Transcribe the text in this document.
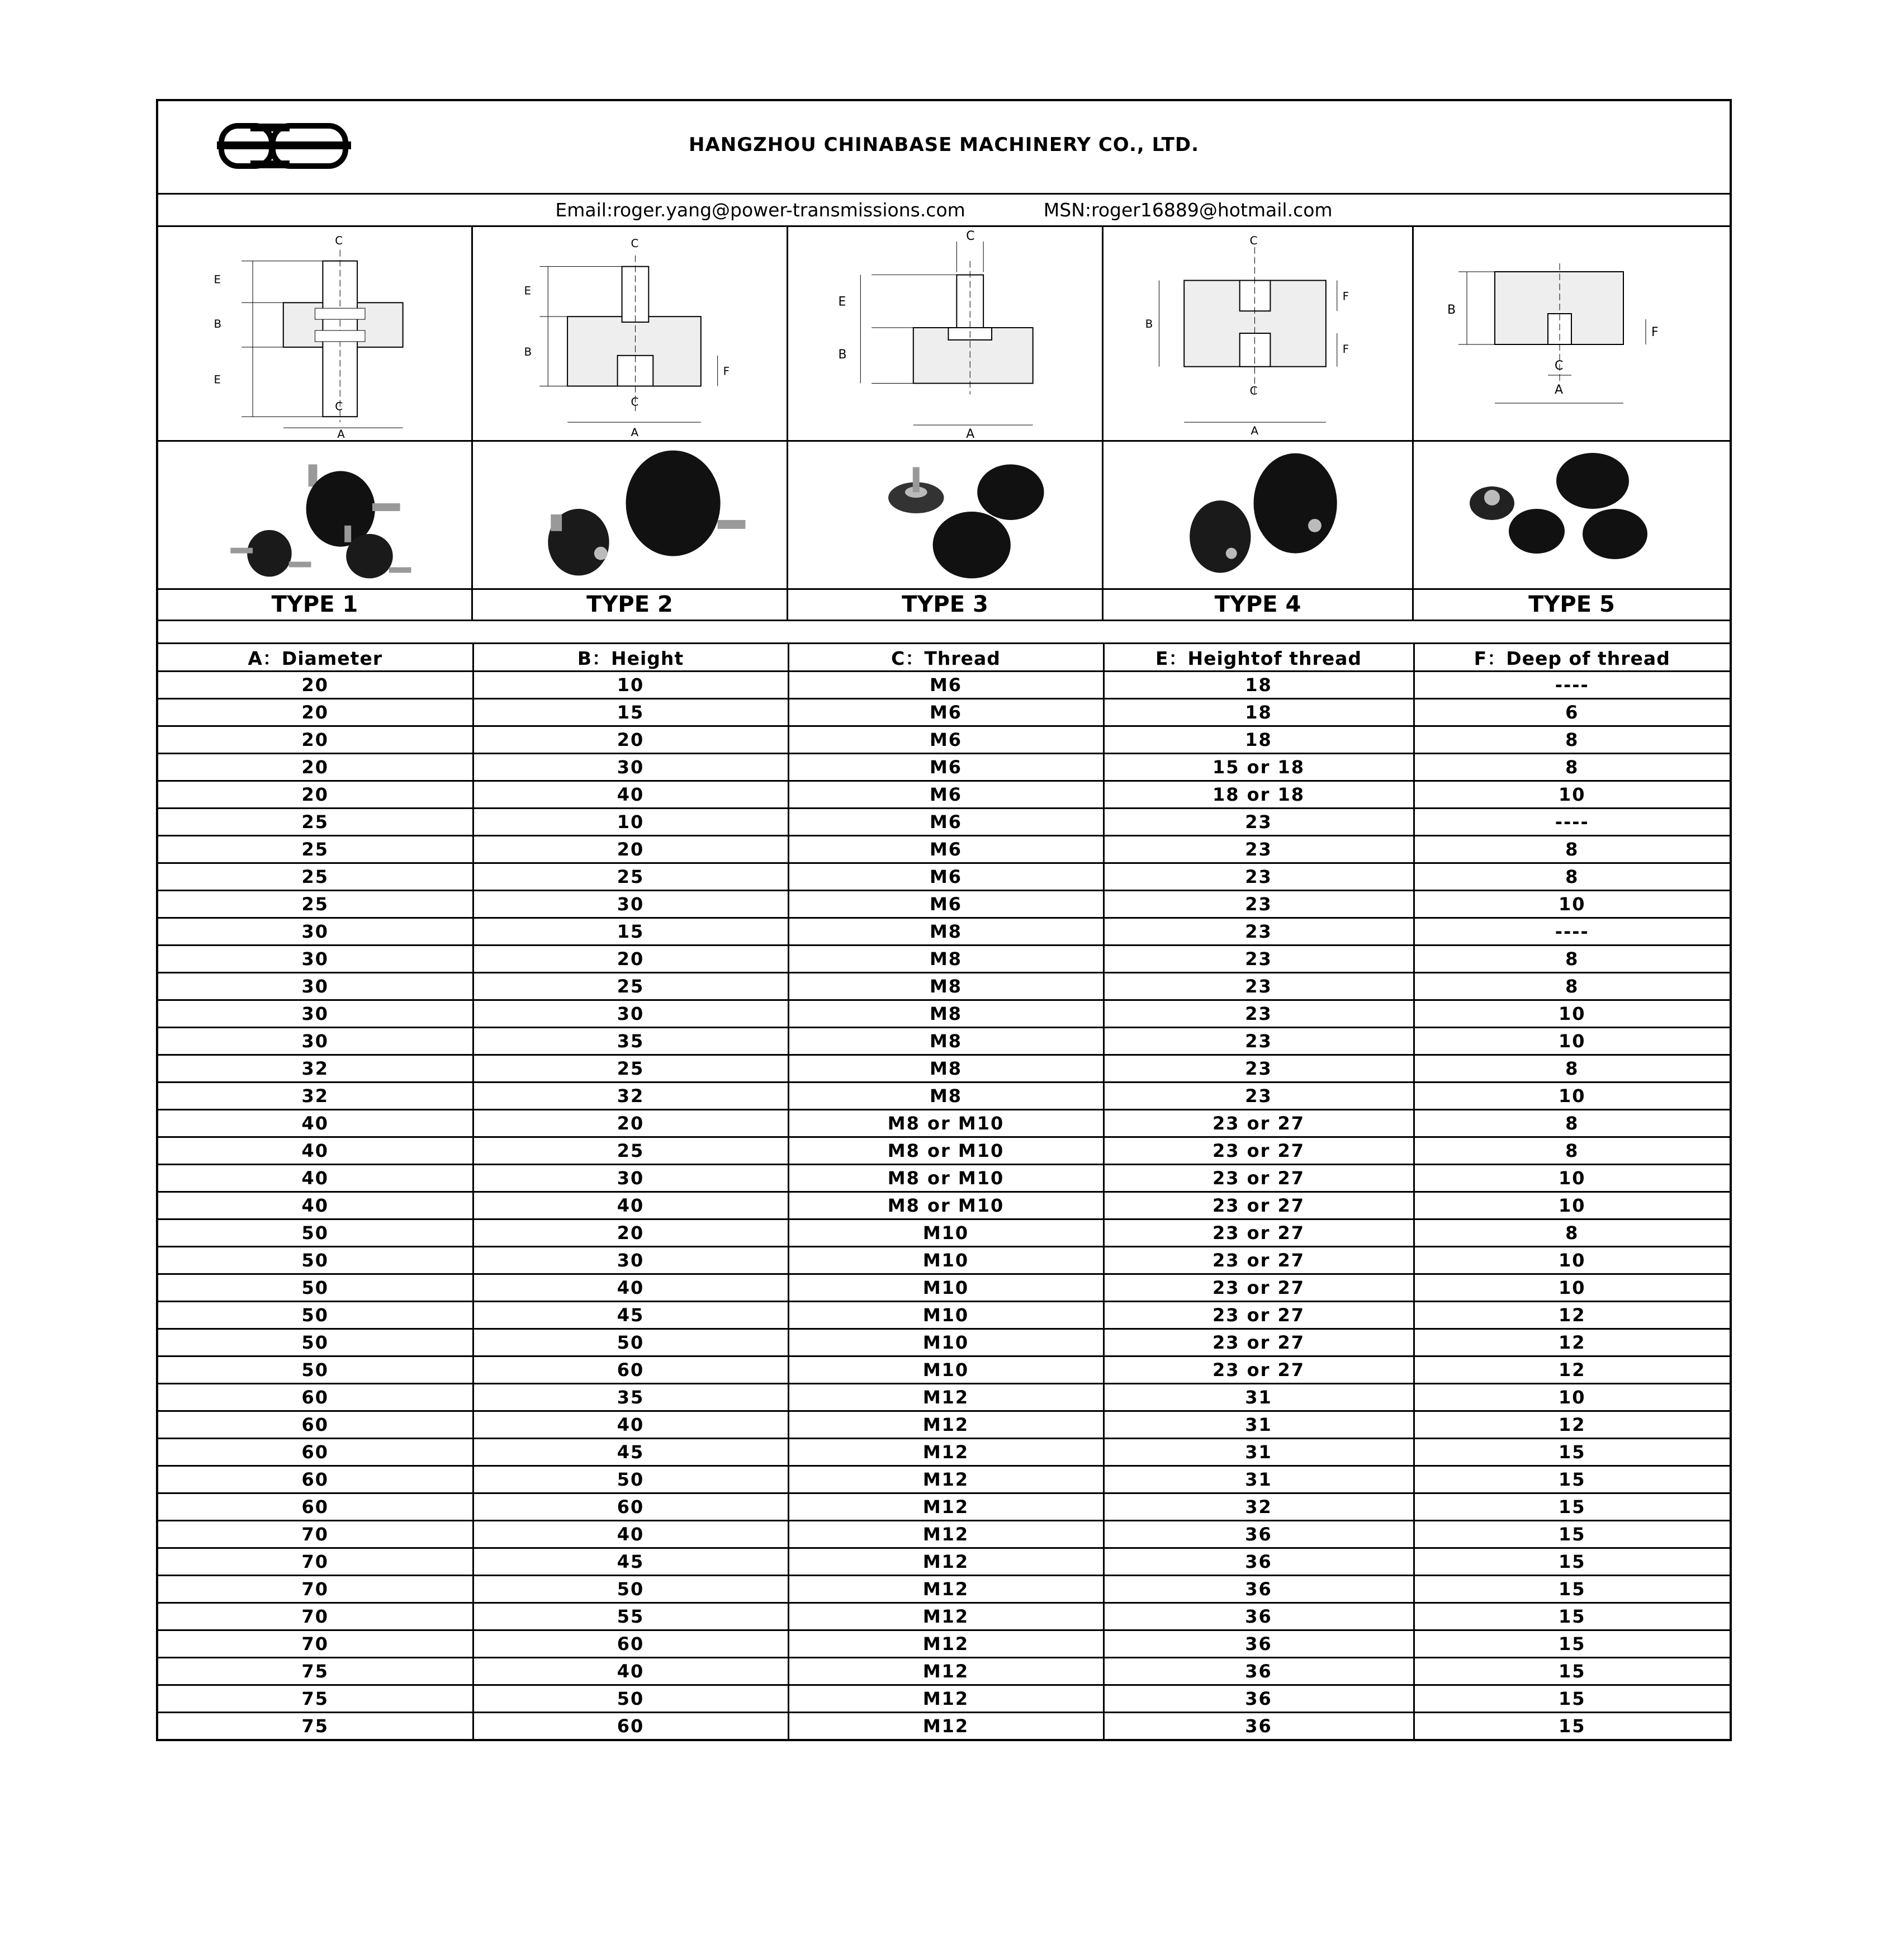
HANGZHOU CHINABASE MACHINERY CO., LTD.
Email:roger.yang@power-transmissions.com	MSN:roger16889@hotmail.com
E
B
E
C
C
A
E
B
C
C
F
A
C
E
B
A
C
C
B
F
F
A
B
F
C
A
TYPE 1	TYPE 2	TYPE 3	TYPE 4	TYPE 5
A：Diameter	B：Height	C：Thread	E：Heightof thread	F：Deep of thread
20	10	M6	18	----
20	15	M6	18	6
20	20	M6	18	8
20	30	M6	15 or 18	8
20	40	M6	18 or 18	10
25	10	M6	23	----
25	20	M6	23	8
25	25	M6	23	8
25	30	M6	23	10
30	15	M8	23	----
30	20	M8	23	8
30	25	M8	23	8
30	30	M8	23	10
30	35	M8	23	10
32	25	M8	23	8
32	32	M8	23	10
40	20	M8 or M10	23 or 27	8
40	25	M8 or M10	23 or 27	8
40	30	M8 or M10	23 or 27	10
40	40	M8 or M10	23 or 27	10
50	20	M10	23 or 27	8
50	30	M10	23 or 27	10
50	40	M10	23 or 27	10
50	45	M10	23 or 27	12
50	50	M10	23 or 27	12
50	60	M10	23 or 27	12
60	35	M12	31	10
60	40	M12	31	12
60	45	M12	31	15
60	50	M12	31	15
60	60	M12	32	15
70	40	M12	36	15
70	45	M12	36	15
70	50	M12	36	15
70	55	M12	36	15
70	60	M12	36	15
75	40	M12	36	15
75	50	M12	36	15
75	60	M12	36	15
